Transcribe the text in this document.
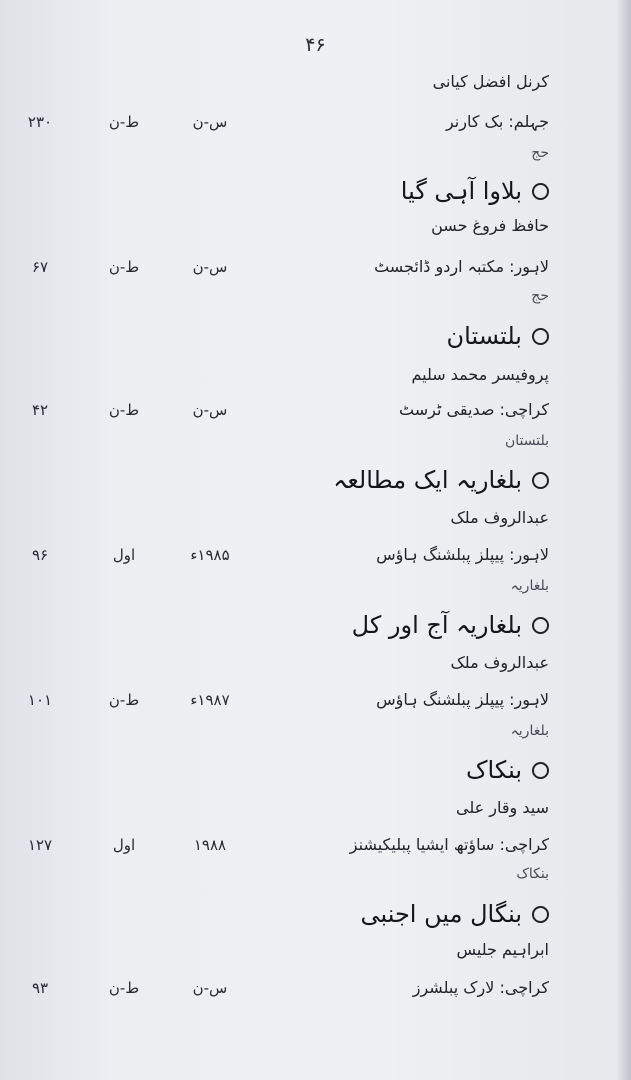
۴۶
کرنل افضل کیانی
جہلم: بک کارنر
س-ن
ط-ن
۲۳۰
حج
بلاوا آہی گیا
حافظ فروغ حسن
لاہور: مکتبہ اردو ڈائجسٹ
س-ن
ط-ن
۶۷
حج
بلتستان
پروفیسر محمد سلیم
کراچی: صدیقی ٹرسٹ
س-ن
ط-ن
۴۲
بلتستان
بلغاریہ ایک مطالعہ
عبدالروف ملک
لاہور: پیپلز پبلشنگ ہاؤس
۱۹۸۵ء
اول
۹۶
بلغاریہ
بلغاریہ آج اور کل
عبدالروف ملک
لاہور: پیپلز پبلشنگ ہاؤس
۱۹۸۷ء
ط-ن
۱۰۱
بلغاریہ
بنکاک
سید وقار علی
کراچی: ساؤتھ ایشیا پبلیکیشنز
۱۹۸۸
اول
۱۲۷
بنکاک
بنگال میں اجنبی
ابراہیم جلیس
کراچی: لارک پبلشرز
س-ن
ط-ن
۹۳
